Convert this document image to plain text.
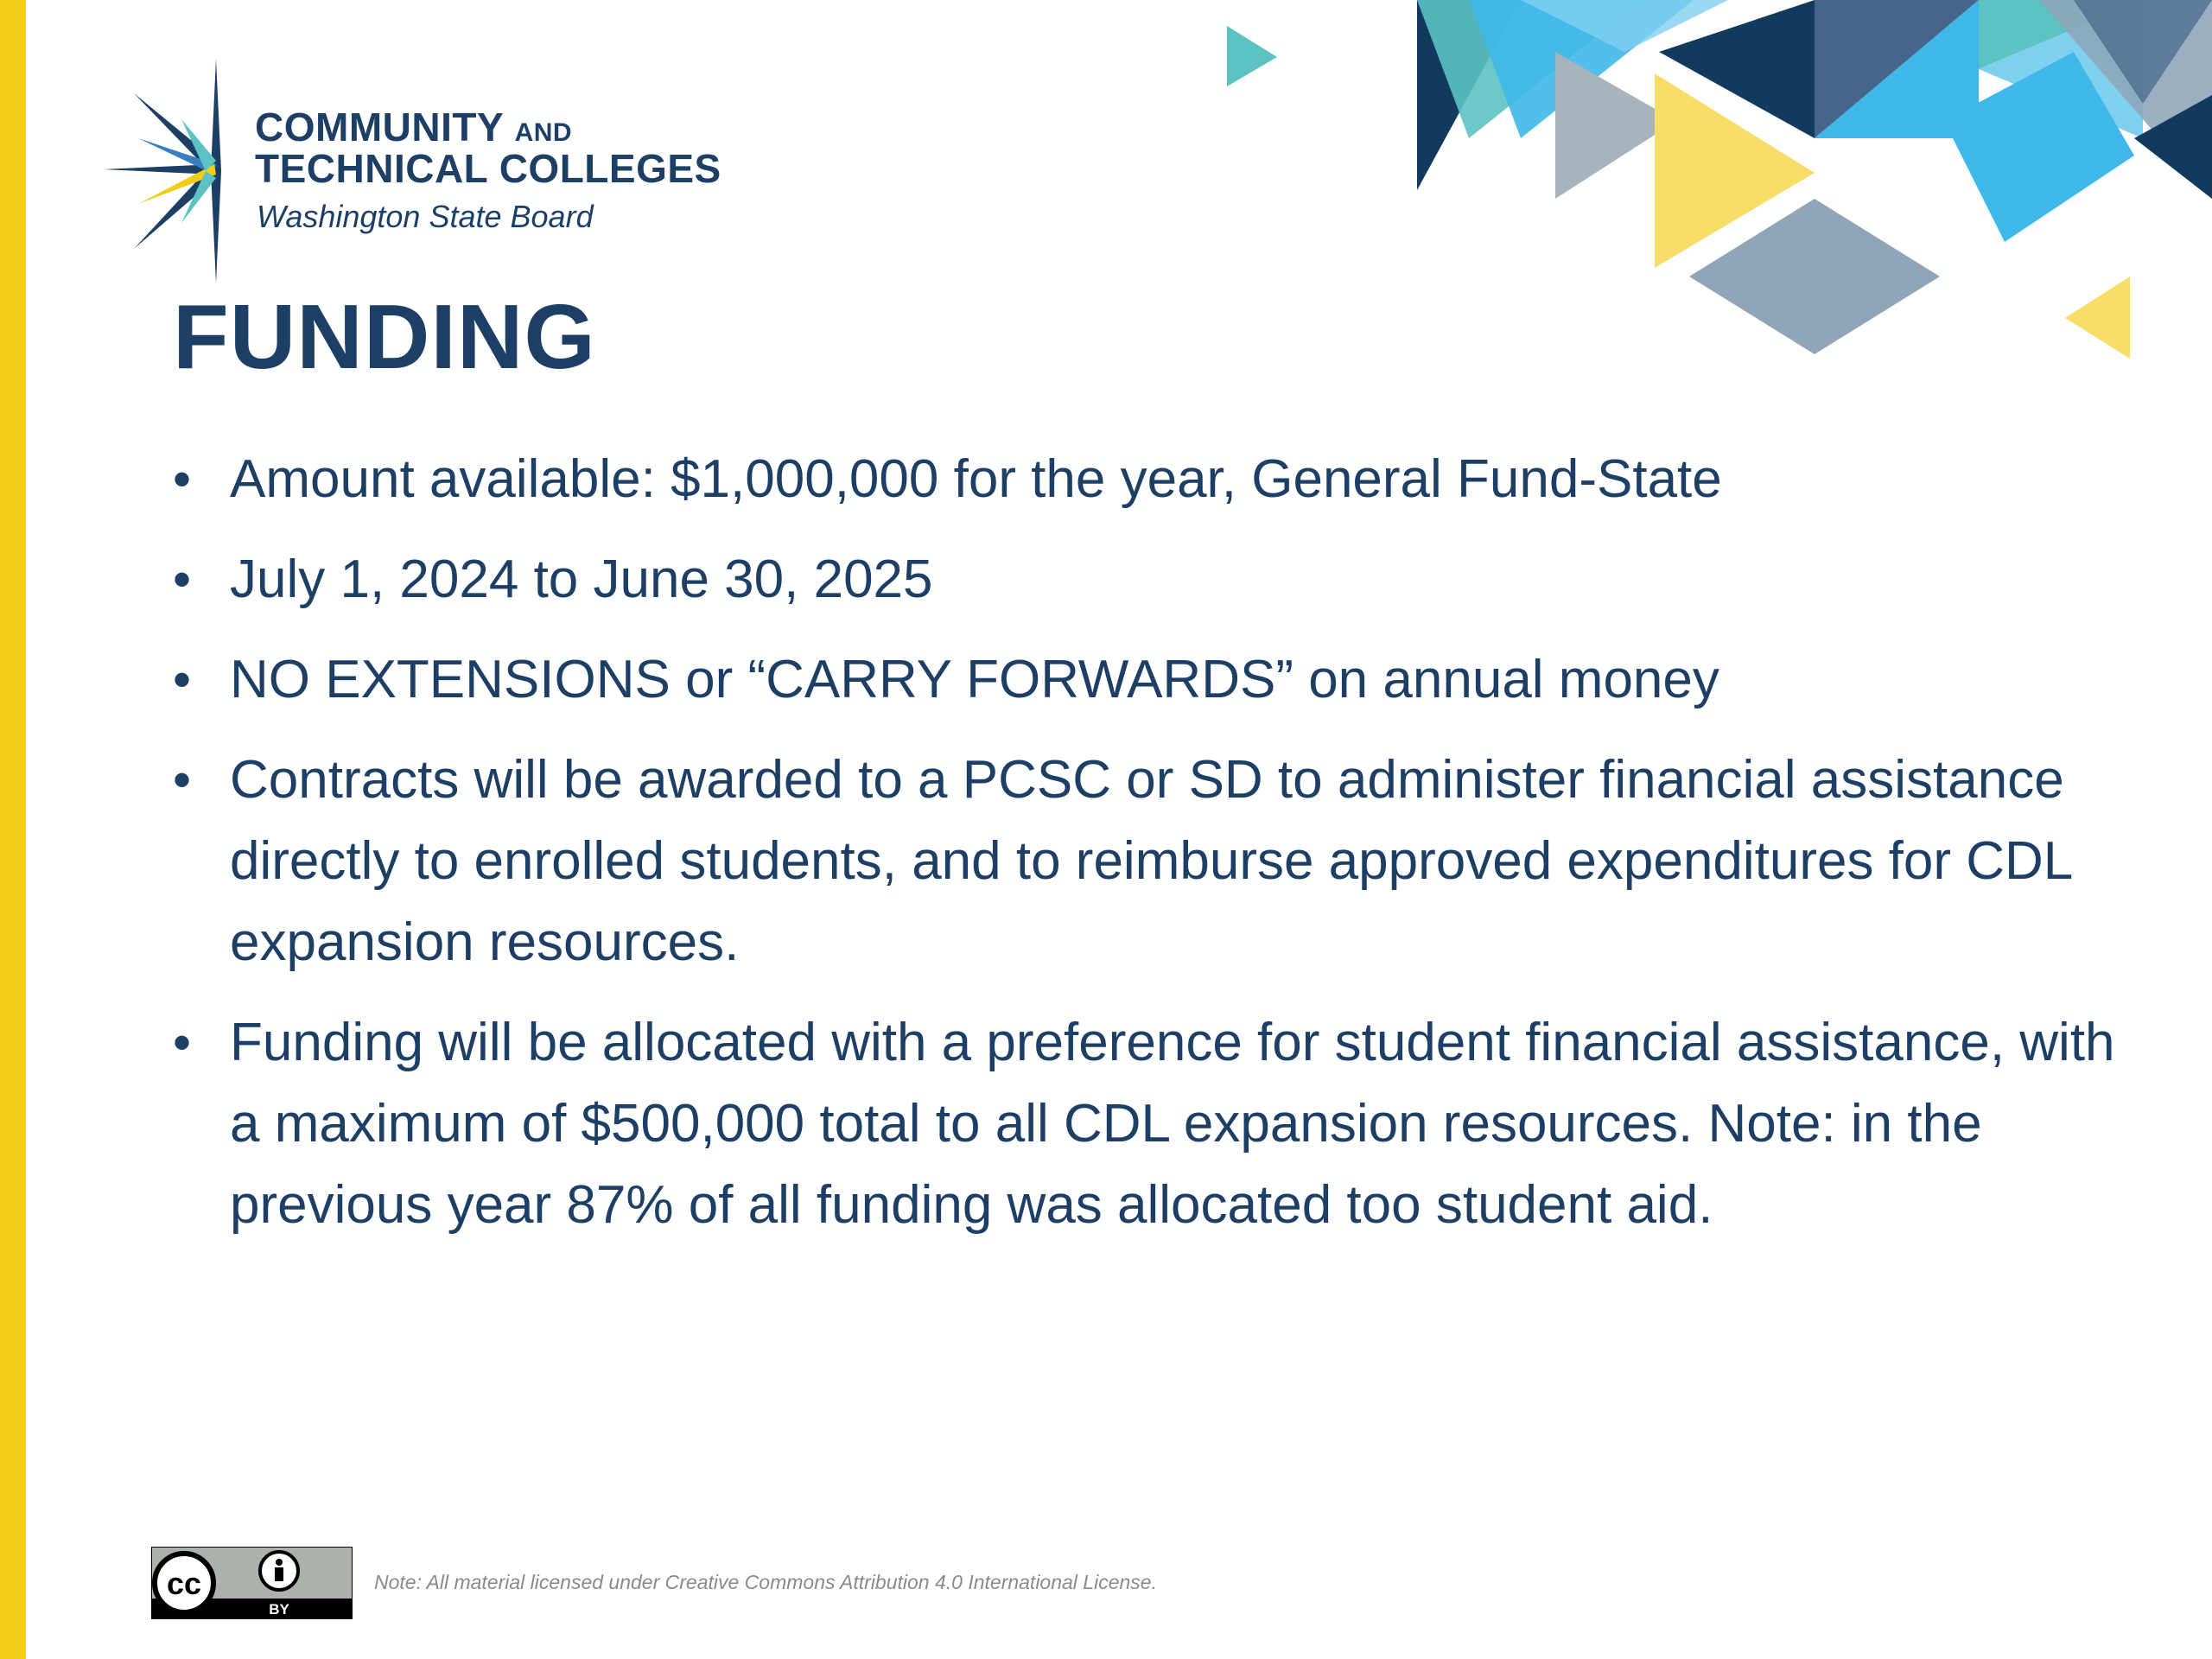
COMMUNITY AND
TECHNICAL COLLEGES
Washington State Board
FUNDING
• Amount available: $1,000,000 for the year, General Fund-State
• July 1, 2024 to June 30, 2025
• NO EXTENSIONS or “CARRY FORWARDS” on annual money
• Contracts will be awarded to a PCSC or SD to administer financial assistance directly to enrolled students, and to reimburse approved expenditures for CDL expansion resources.
• Funding will be allocated with a preference for student financial assistance, with a maximum of $500,000 total to all CDL expansion resources. Note: in the previous year 87% of all funding was allocated too student aid.
cc
BY
Note: All material licensed under Creative Commons Attribution 4.0 International License.
